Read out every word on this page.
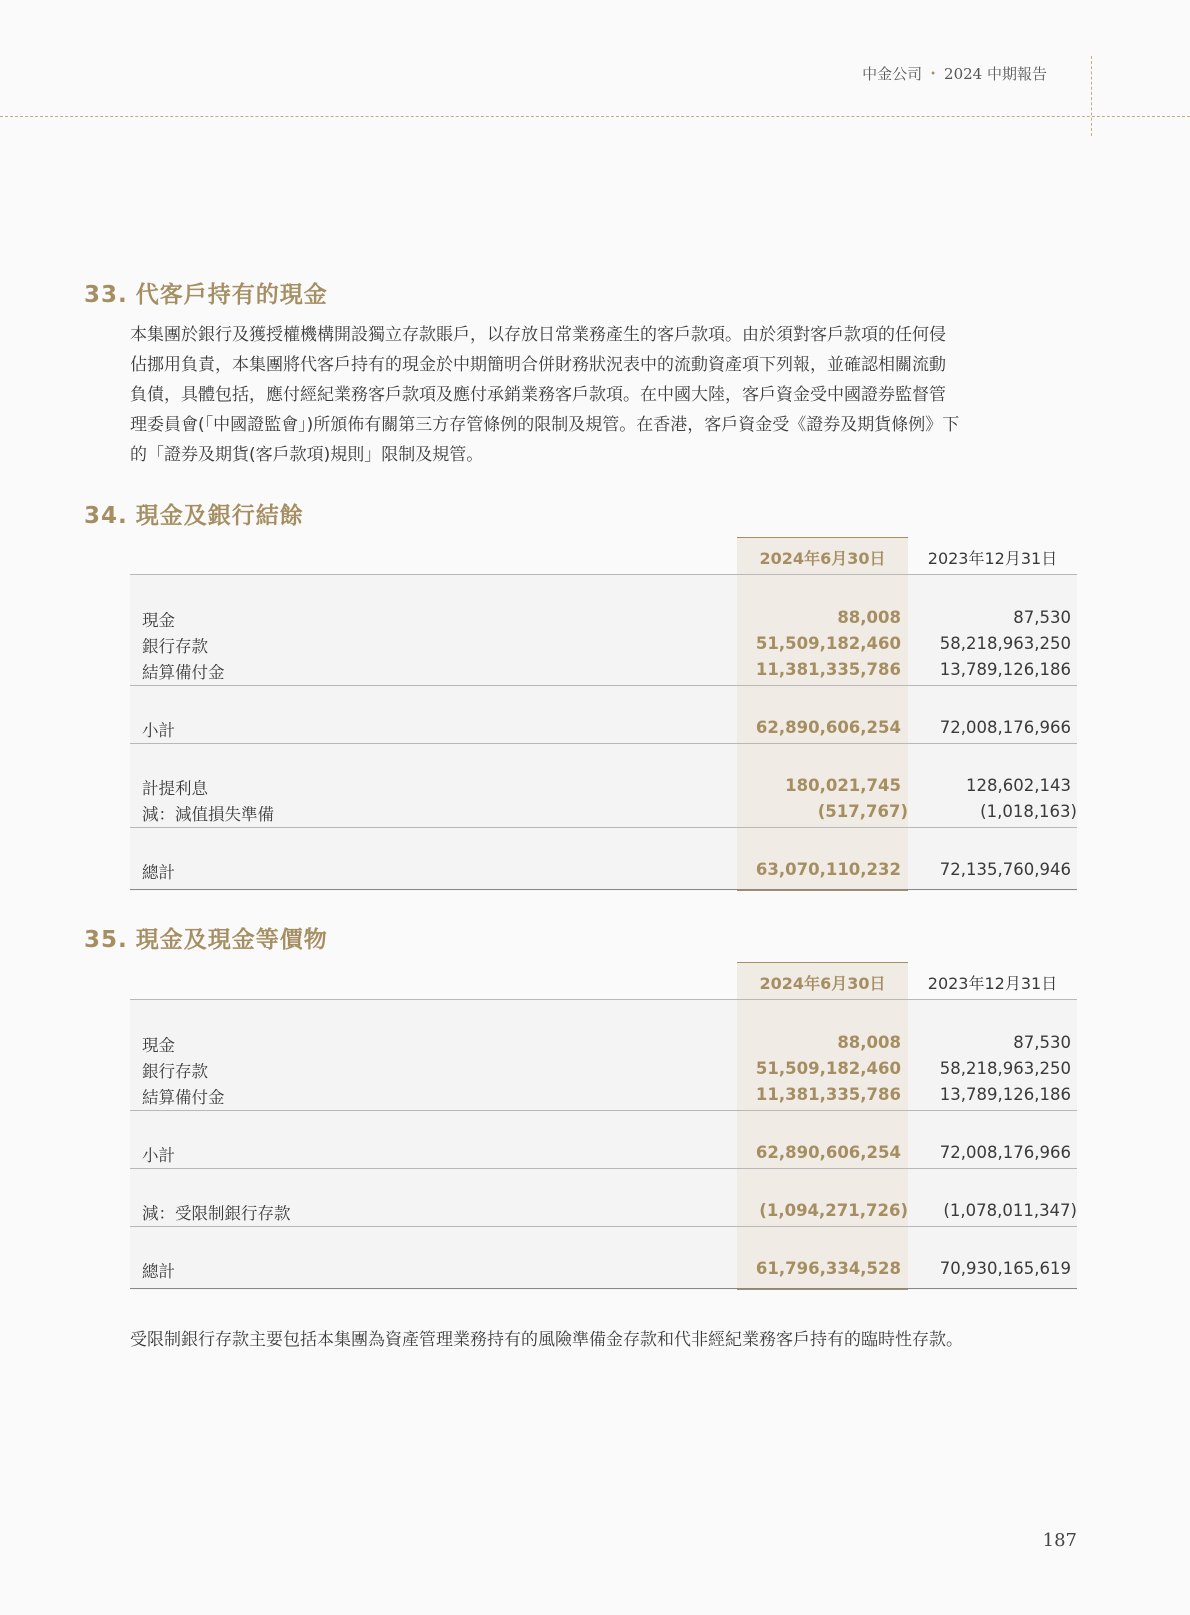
中金公司 • 2024 中期報告
33. 代客戶持有的現金
本集團於銀行及獲授權機構開設獨立存款賬戶，以存放日常業務產生的客戶款項。由於須對客戶款項的任何侵
佔挪用負責，本集團將代客戶持有的現金於中期簡明合併財務狀況表中的流動資產項下列報，並確認相關流動
負債，具體包括，應付經紀業務客戶款項及應付承銷業務客戶款項。在中國大陸，客戶資金受中國證券監督管
理委員會(「中國證監會」)所頒佈有關第三方存管條例的限制及規管。在香港，客戶資金受《證券及期貨條例》下
的「證券及期貨(客戶款項)規則」限制及規管。
34. 現金及銀行結餘
2024年6月30日	2023年12月31日
現金	88,008	87,530
銀行存款	51,509,182,460	58,218,963,250
結算備付金	11,381,335,786	13,789,126,186
小計	62,890,606,254	72,008,176,966
計提利息	180,021,745	128,602,143
減：減值損失準備	(517,767)	(1,018,163)
總計	63,070,110,232	72,135,760,946
35. 現金及現金等價物
2024年6月30日	2023年12月31日
現金	88,008	87,530
銀行存款	51,509,182,460	58,218,963,250
結算備付金	11,381,335,786	13,789,126,186
小計	62,890,606,254	72,008,176,966
減：受限制銀行存款	(1,094,271,726)	(1,078,011,347)
總計	61,796,334,528	70,930,165,619
受限制銀行存款主要包括本集團為資產管理業務持有的風險準備金存款和代非經紀業務客戶持有的臨時性存款。
187
